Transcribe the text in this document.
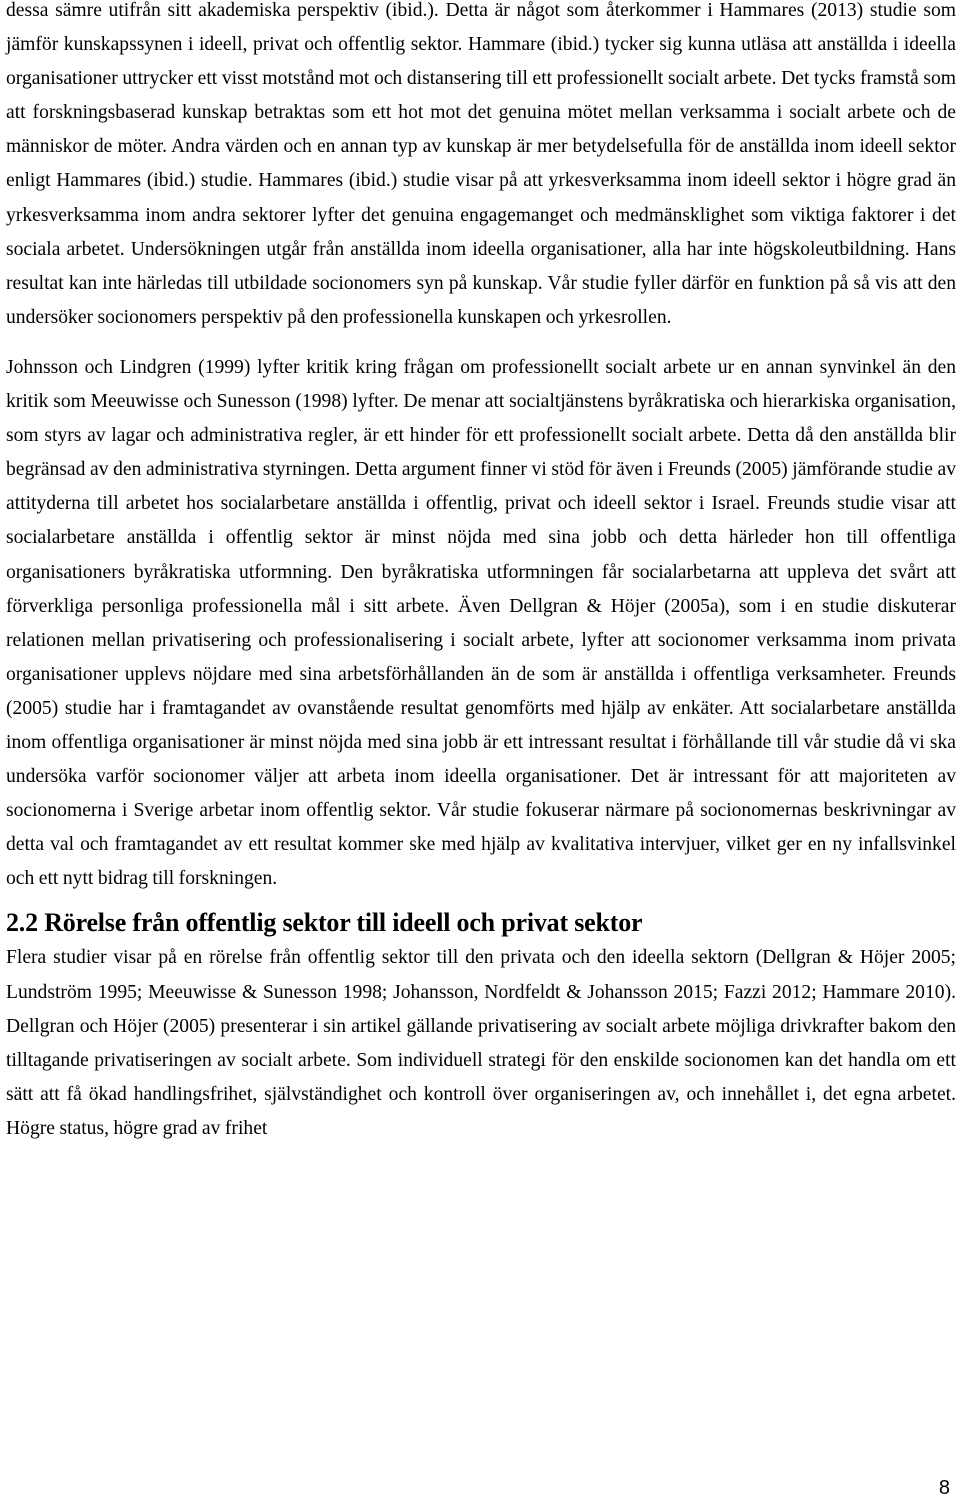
dessa sämre utifrån sitt akademiska perspektiv (ibid.). Detta är något som återkommer i Hammares (2013) studie som jämför kunskapssynen i ideell, privat och offentlig sektor. Hammare (ibid.) tycker sig kunna utläsa att anställda i ideella organisationer uttrycker ett visst motstånd mot och distansering till ett professionellt socialt arbete. Det tycks framstå som att forskningsbaserad kunskap betraktas som ett hot mot det genuina mötet mellan verksamma i socialt arbete och de människor de möter. Andra värden och en annan typ av kunskap är mer betydelsefulla för de anställda inom ideell sektor enligt Hammares (ibid.) studie. Hammares (ibid.) studie visar på att yrkesverksamma inom ideell sektor i högre grad än yrkesverksamma inom andra sektorer lyfter det genuina engagemanget och medmänsklighet som viktiga faktorer i det sociala arbetet. Undersökningen utgår från anställda inom ideella organisationer, alla har inte högskoleutbildning. Hans resultat kan inte härledas till utbildade socionomers syn på kunskap. Vår studie fyller därför en funktion på så vis att den undersöker socionomers perspektiv på den professionella kunskapen och yrkesrollen.

Johnsson och Lindgren (1999) lyfter kritik kring frågan om professionellt socialt arbete ur en annan synvinkel än den kritik som Meeuwisse och Sunesson (1998) lyfter. De menar att socialtjänstens byråkratiska och hierarkiska organisation, som styrs av lagar och administrativa regler, är ett hinder för ett professionellt socialt arbete. Detta då den anställda blir begränsad av den administrativa styrningen. Detta argument finner vi stöd för även i Freunds (2005) jämförande studie av attityderna till arbetet hos socialarbetare anställda i offentlig, privat och ideell sektor i Israel. Freunds studie visar att socialarbetare anställda i offentlig sektor är minst nöjda med sina jobb och detta härleder hon till offentliga organisationers byråkratiska utformning. Den byråkratiska utformningen får socialarbetarna att uppleva det svårt att förverkliga personliga professionella mål i sitt arbete. Även Dellgran & Höjer (2005a), som i en studie diskuterar relationen mellan privatisering och professionalisering i socialt arbete, lyfter att socionomer verksamma inom privata organisationer upplevs nöjdare med sina arbetsförhållanden än de som är anställda i offentliga verksamheter. Freunds (2005) studie har i framtagandet av ovanstående resultat genomförts med hjälp av enkäter. Att socialarbetare anställda inom offentliga organisationer är minst nöjda med sina jobb är ett intressant resultat i förhållande till vår studie då vi ska undersöka varför socionomer väljer att arbeta inom ideella organisationer. Det är intressant för att majoriteten av socionomerna i Sverige arbetar inom offentlig sektor. Vår studie fokuserar närmare på socionomernas beskrivningar av detta val och framtagandet av ett resultat kommer ske med hjälp av kvalitativa intervjuer, vilket ger en ny infallsvinkel och ett nytt bidrag till forskningen.

2.2 Rörelse från offentlig sektor till ideell och privat sektor

Flera studier visar på en rörelse från offentlig sektor till den privata och den ideella sektorn (Dellgran & Höjer 2005; Lundström 1995; Meeuwisse & Sunesson 1998; Johansson, Nordfeldt & Johansson 2015; Fazzi 2012; Hammare 2010). Dellgran och Höjer (2005) presenterar i sin artikel gällande privatisering av socialt arbete möjliga drivkrafter bakom den tilltagande privatiseringen av socialt arbete. Som individuell strategi för den enskilde socionomen kan det handla om ett sätt att få ökad handlingsfrihet, självständighet och kontroll över organiseringen av, och innehållet i, det egna arbetet. Högre status, högre grad av frihet

8
